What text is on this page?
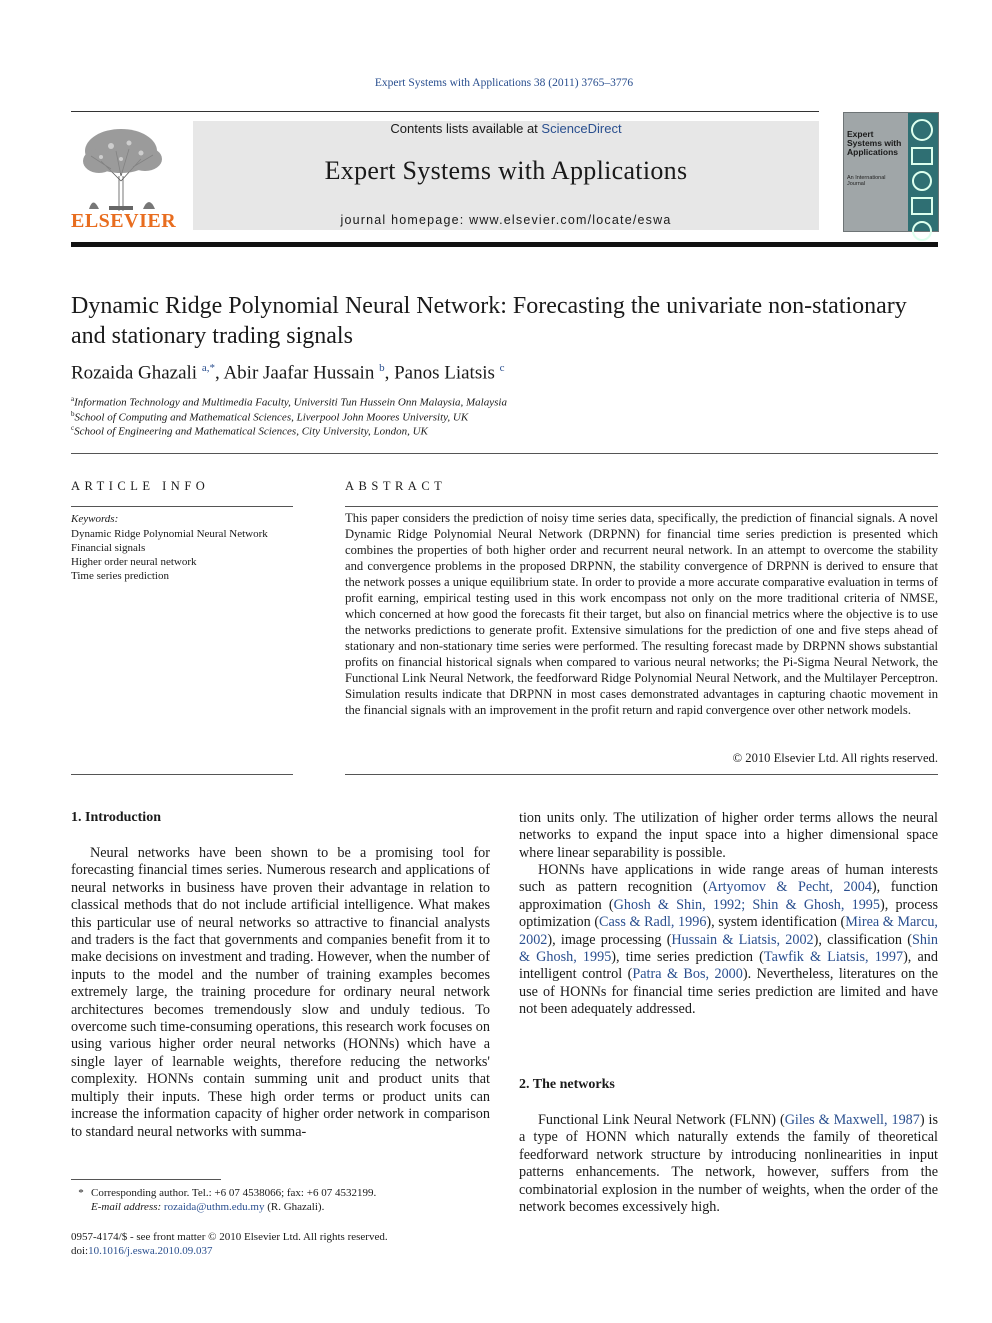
Expert Systems with Applications 38 (2011) 3765–3776
ELSEVIER
Contents lists available at ScienceDirect
Expert Systems with Applications
journal homepage: www.elsevier.com/locate/eswa
Expert Systems with Applications
An International Journal
Dynamic Ridge Polynomial Neural Network: Forecasting the univariate non-stationary and stationary trading signals
Rozaida Ghazali $^{a,*}$, Abir Jaafar Hussain $^b$, Panos Liatsis $^c$
$^a$Information Technology and Multimedia Faculty, Universiti Tun Hussein Onn Malaysia, Malaysia
$^b$School of Computing and Mathematical Sciences, Liverpool John Moores University, UK
$^c$School of Engineering and Mathematical Sciences, City University, London, UK
ARTICLE INFO
Keywords:
Dynamic Ridge Polynomial Neural Network
Financial signals
Higher order neural network
Time series prediction
ABSTRACT
This paper considers the prediction of noisy time series data, specifically, the prediction of financial signals. A novel Dynamic Ridge Polynomial Neural Network (DRPNN) for financial time series prediction is presented which combines the properties of both higher order and recurrent neural network. In an attempt to overcome the stability and convergence problems in the proposed DRPNN, the stability convergence of DRPNN is derived to ensure that the network posses a unique equilibrium state. In order to provide a more accurate comparative evaluation in terms of profit earning, empirical testing used in this work encompass not only on the more traditional criteria of NMSE, which concerned at how good the forecasts fit their target, but also on financial metrics where the objective is to use the networks predictions to generate profit. Extensive simulations for the prediction of one and five steps ahead of stationary and non-stationary time series were performed. The resulting forecast made by DRPNN shows substantial profits on financial historical signals when compared to various neural networks; the Pi-Sigma Neural Network, the Functional Link Neural Network, the feedforward Ridge Polynomial Neural Network, and the Multilayer Perceptron. Simulation results indicate that DRPNN in most cases demonstrated advantages in capturing chaotic movement in the financial signals with an improvement in the profit return and rapid convergence over other network models.
© 2010 Elsevier Ltd. All rights reserved.
1. Introduction
Neural networks have been shown to be a promising tool for forecasting financial times series. Numerous research and applications of neural networks in business have proven their advantage in relation to classical methods that do not include artificial intelligence. What makes this particular use of neural networks so attractive to financial analysts and traders is the fact that governments and companies benefit from it to make decisions on investment and trading. However, when the number of inputs to the model and the number of training examples becomes extremely large, the training procedure for ordinary neural network architectures becomes tremendously slow and unduly tedious. To overcome such time-consuming operations, this research work focuses on using various higher order neural networks (HONNs) which have a single layer of learnable weights, therefore reducing the networks' complexity. HONNs contain summing unit and product units that multiply their inputs. These high order terms or product units can increase the information capacity of higher order network in comparison to standard neural networks with summa-
tion units only. The utilization of higher order terms allows the neural networks to expand the input space into a higher dimensional space where linear separability is possible.
HONNs have applications in wide range areas of human interests such as pattern recognition (Artyomov & Pecht, 2004), function approximation (Ghosh & Shin, 1992; Shin & Ghosh, 1995), process optimization (Cass & Radl, 1996), system identification (Mirea & Marcu, 2002), image processing (Hussain & Liatsis, 2002), classification (Shin & Ghosh, 1995), time series prediction (Tawfik & Liatsis, 1997), and intelligent control (Patra & Bos, 2000). Nevertheless, literatures on the use of HONNs for financial time series prediction are limited and have not been adequately addressed.
2. The networks
Functional Link Neural Network (FLNN) (Giles & Maxwell, 1987) is a type of HONN which naturally extends the family of theoretical feedforward network structure by introducing nonlinearities in input patterns enhancements. The network, however, suffers from the combinatorial explosion in the number of weights, when the order of the network becomes excessively high.
* Corresponding author. Tel.: +6 07 4538066; fax: +6 07 4532199.
E-mail address: rozaida@uthm.edu.my (R. Ghazali).
0957-4174/$ - see front matter © 2010 Elsevier Ltd. All rights reserved.
doi:10.1016/j.eswa.2010.09.037
